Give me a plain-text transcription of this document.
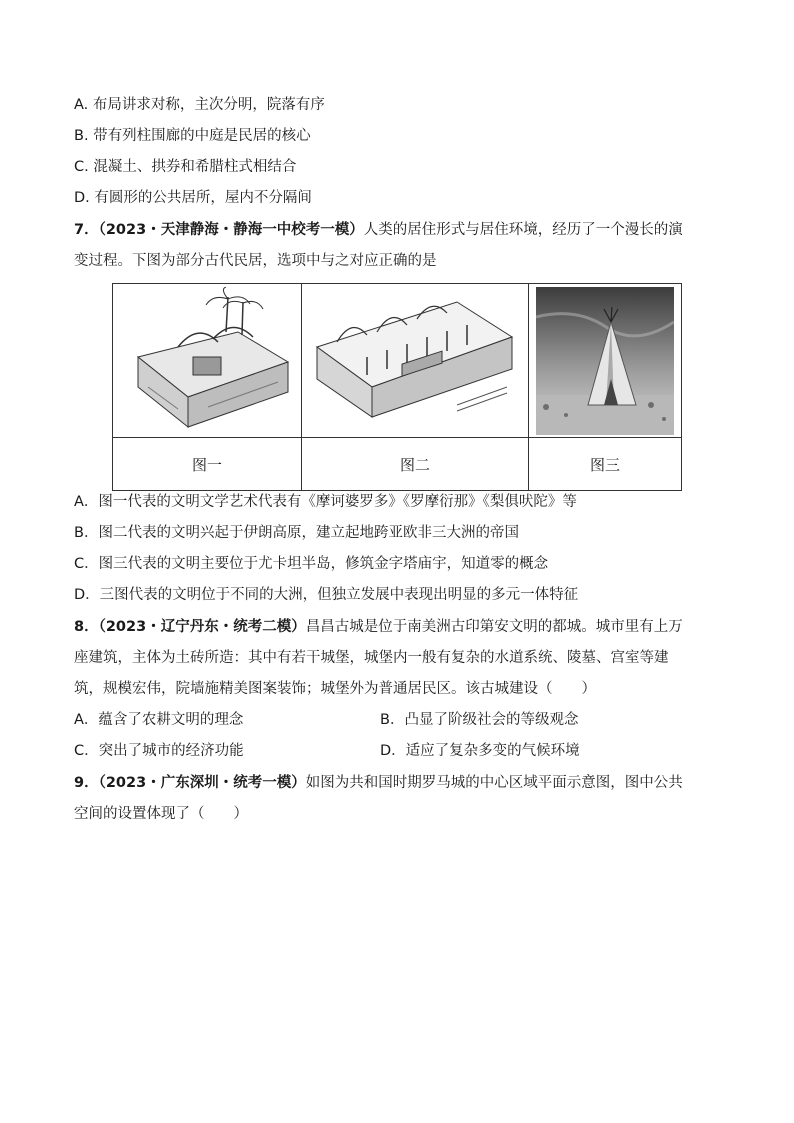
A. 布局讲求对称，主次分明，院落有序
B. 带有列柱围廊的中庭是民居的核心
C. 混凝土、拱券和希腊柱式相结合
D. 有圆形的公共居所，屋内不分隔间
7．（2023・天津静海・静海一中校考一模）人类的居住形式与居住环境，经历了一个漫长的演
变过程。下图为部分古代民居，选项中与之对应正确的是

图一	图二	图三
A．图一代表的文明文学艺术代表有《摩诃婆罗多》《罗摩衍那》《梨俱吠陀》等
B．图二代表的文明兴起于伊朗高原，建立起地跨亚欧非三大洲的帝国
C．图三代表的文明主要位于尤卡坦半岛，修筑金字塔庙宇，知道零的概念
D．三图代表的文明位于不同的大洲，但独立发展中表现出明显的多元一体特征
8．（2023・辽宁丹东・统考二模）昌昌古城是位于南美洲古印第安文明的都城。城市里有上万
座建筑，主体为土砖所造：其中有若干城堡，城堡内一般有复杂的水道系统、陵墓、宫室等建
筑，规模宏伟，院墙施精美图案装饰；城堡外为普通居民区。该古城建设（　　）
A．蕴含了农耕文明的理念	B．凸显了阶级社会的等级观念
C．突出了城市的经济功能	D．适应了复杂多变的气候环境
9．（2023・广东深圳・统考一模）如图为共和国时期罗马城的中心区域平面示意图，图中公共
空间的设置体现了（　　）
